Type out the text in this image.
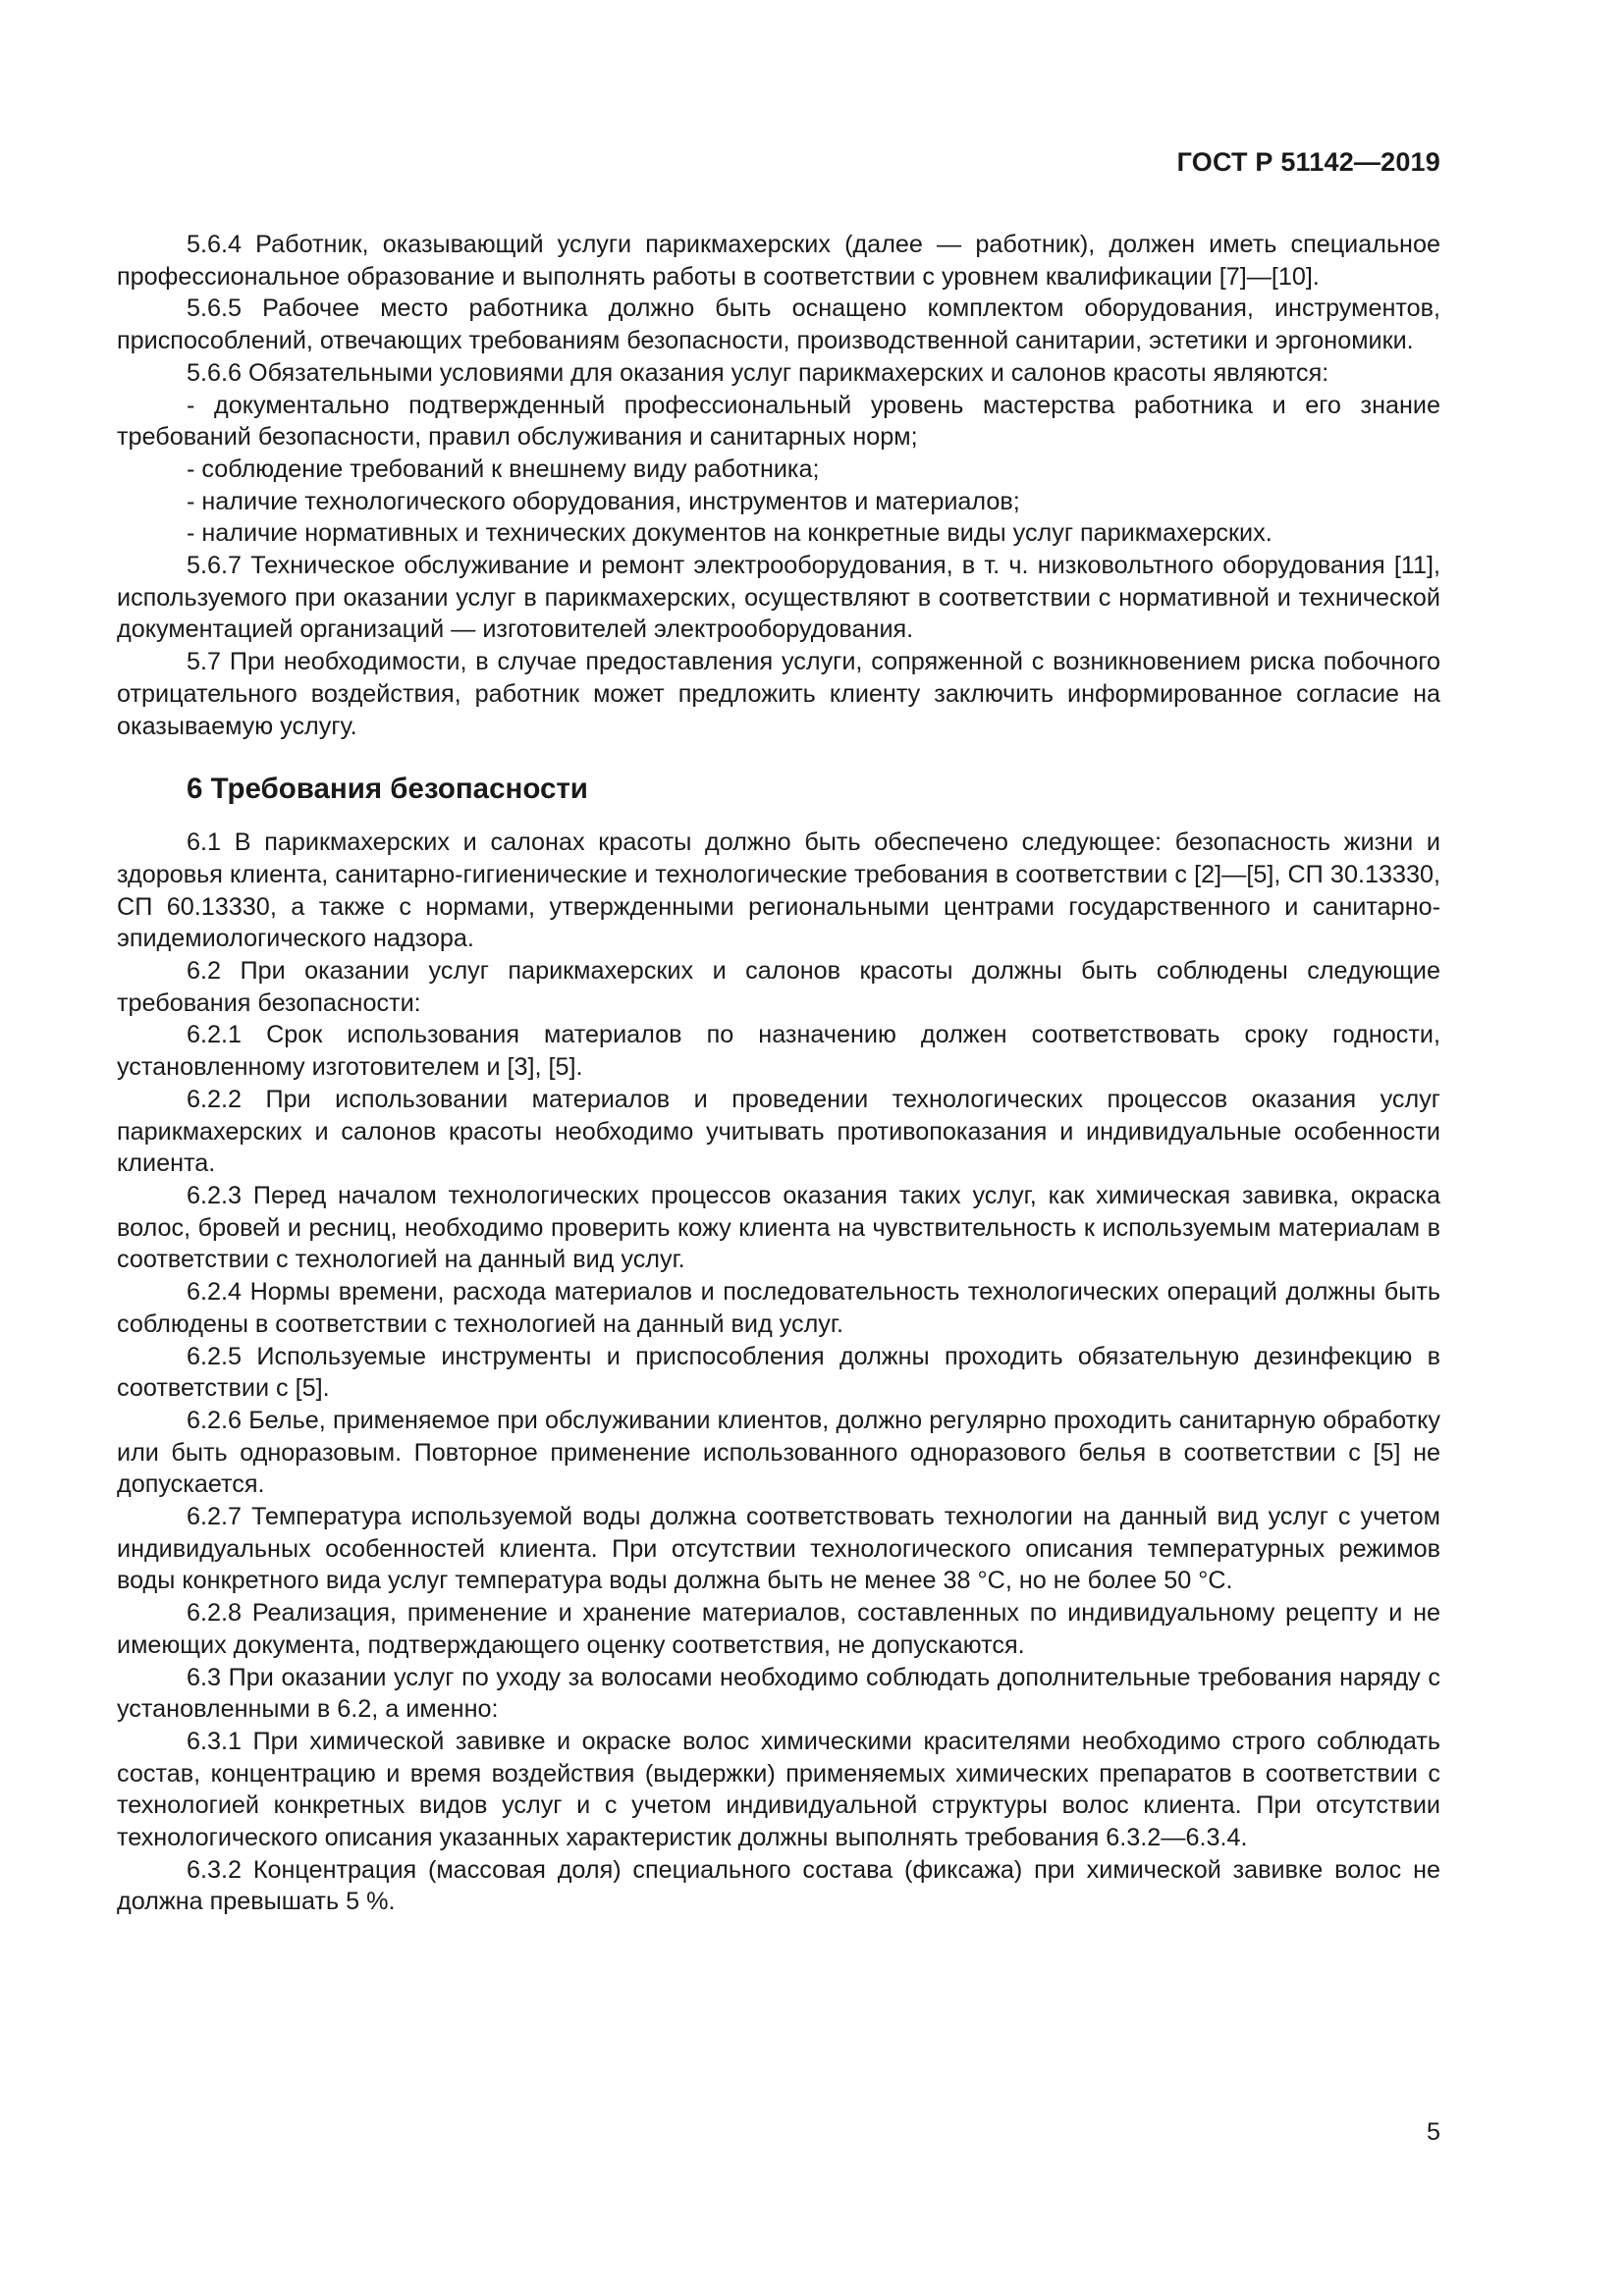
ГОСТ Р 51142—2019

5.6.4 Работник, оказывающий услуги парикмахерских (далее — работник), должен иметь специальное профессиональное образование и выполнять работы в соответствии с уровнем квалификации [7]—[10].

5.6.5 Рабочее место работника должно быть оснащено комплектом оборудования, инструментов, приспособлений, отвечающих требованиям безопасности, производственной санитарии, эстетики и эргономики.

5.6.6 Обязательными условиями для оказания услуг парикмахерских и салонов красоты являются:

- документально подтвержденный профессиональный уровень мастерства работника и его знание требований безопасности, правил обслуживания и санитарных норм;

- соблюдение требований к внешнему виду работника;

- наличие технологического оборудования, инструментов и материалов;

- наличие нормативных и технических документов на конкретные виды услуг парикмахерских.

5.6.7 Техническое обслуживание и ремонт электрооборудования, в т. ч. низковольтного оборудования [11], используемого при оказании услуг в парикмахерских, осуществляют в соответствии с нормативной и технической документацией организаций — изготовителей электрооборудования.

5.7 При необходимости, в случае предоставления услуги, сопряженной с возникновением риска побочного отрицательного воздействия, работник может предложить клиенту заключить информированное согласие на оказываемую услугу.

6 Требования безопасности

6.1 В парикмахерских и салонах красоты должно быть обеспечено следующее: безопасность жизни и здоровья клиента, санитарно-гигиенические и технологические требования в соответствии с [2]—[5], СП 30.13330, СП 60.13330, а также с нормами, утвержденными региональными центрами государственного и санитарно-эпидемиологического надзора.

6.2 При оказании услуг парикмахерских и салонов красоты должны быть соблюдены следующие требования безопасности:

6.2.1 Срок использования материалов по назначению должен соответствовать сроку годности, установленному изготовителем и [3], [5].

6.2.2 При использовании материалов и проведении технологических процессов оказания услуг парикмахерских и салонов красоты необходимо учитывать противопоказания и индивидуальные особенности клиента.

6.2.3 Перед началом технологических процессов оказания таких услуг, как химическая завивка, окраска волос, бровей и ресниц, необходимо проверить кожу клиента на чувствительность к используемым материалам в соответствии с технологией на данный вид услуг.

6.2.4 Нормы времени, расхода материалов и последовательность технологических операций должны быть соблюдены в соответствии с технологией на данный вид услуг.

6.2.5 Используемые инструменты и приспособления должны проходить обязательную дезинфекцию в соответствии с [5].

6.2.6 Белье, применяемое при обслуживании клиентов, должно регулярно проходить санитарную обработку или быть одноразовым. Повторное применение использованного одноразового белья в соответствии с [5] не допускается.

6.2.7 Температура используемой воды должна соответствовать технологии на данный вид услуг с учетом индивидуальных особенностей клиента. При отсутствии технологического описания температурных режимов воды конкретного вида услуг температура воды должна быть не менее 38 °С, но не более 50 °С.

6.2.8 Реализация, применение и хранение материалов, составленных по индивидуальному рецепту и не имеющих документа, подтверждающего оценку соответствия, не допускаются.

6.3 При оказании услуг по уходу за волосами необходимо соблюдать дополнительные требования наряду с установленными в 6.2, а именно:

6.3.1 При химической завивке и окраске волос химическими красителями необходимо строго соблюдать состав, концентрацию и время воздействия (выдержки) применяемых химических препаратов в соответствии с технологией конкретных видов услуг и с учетом индивидуальной структуры волос клиента. При отсутствии технологического описания указанных характеристик должны выполнять требования 6.3.2—6.3.4.

6.3.2 Концентрация (массовая доля) специального состава (фиксажа) при химической завивке волос не должна превышать 5 %.

5
